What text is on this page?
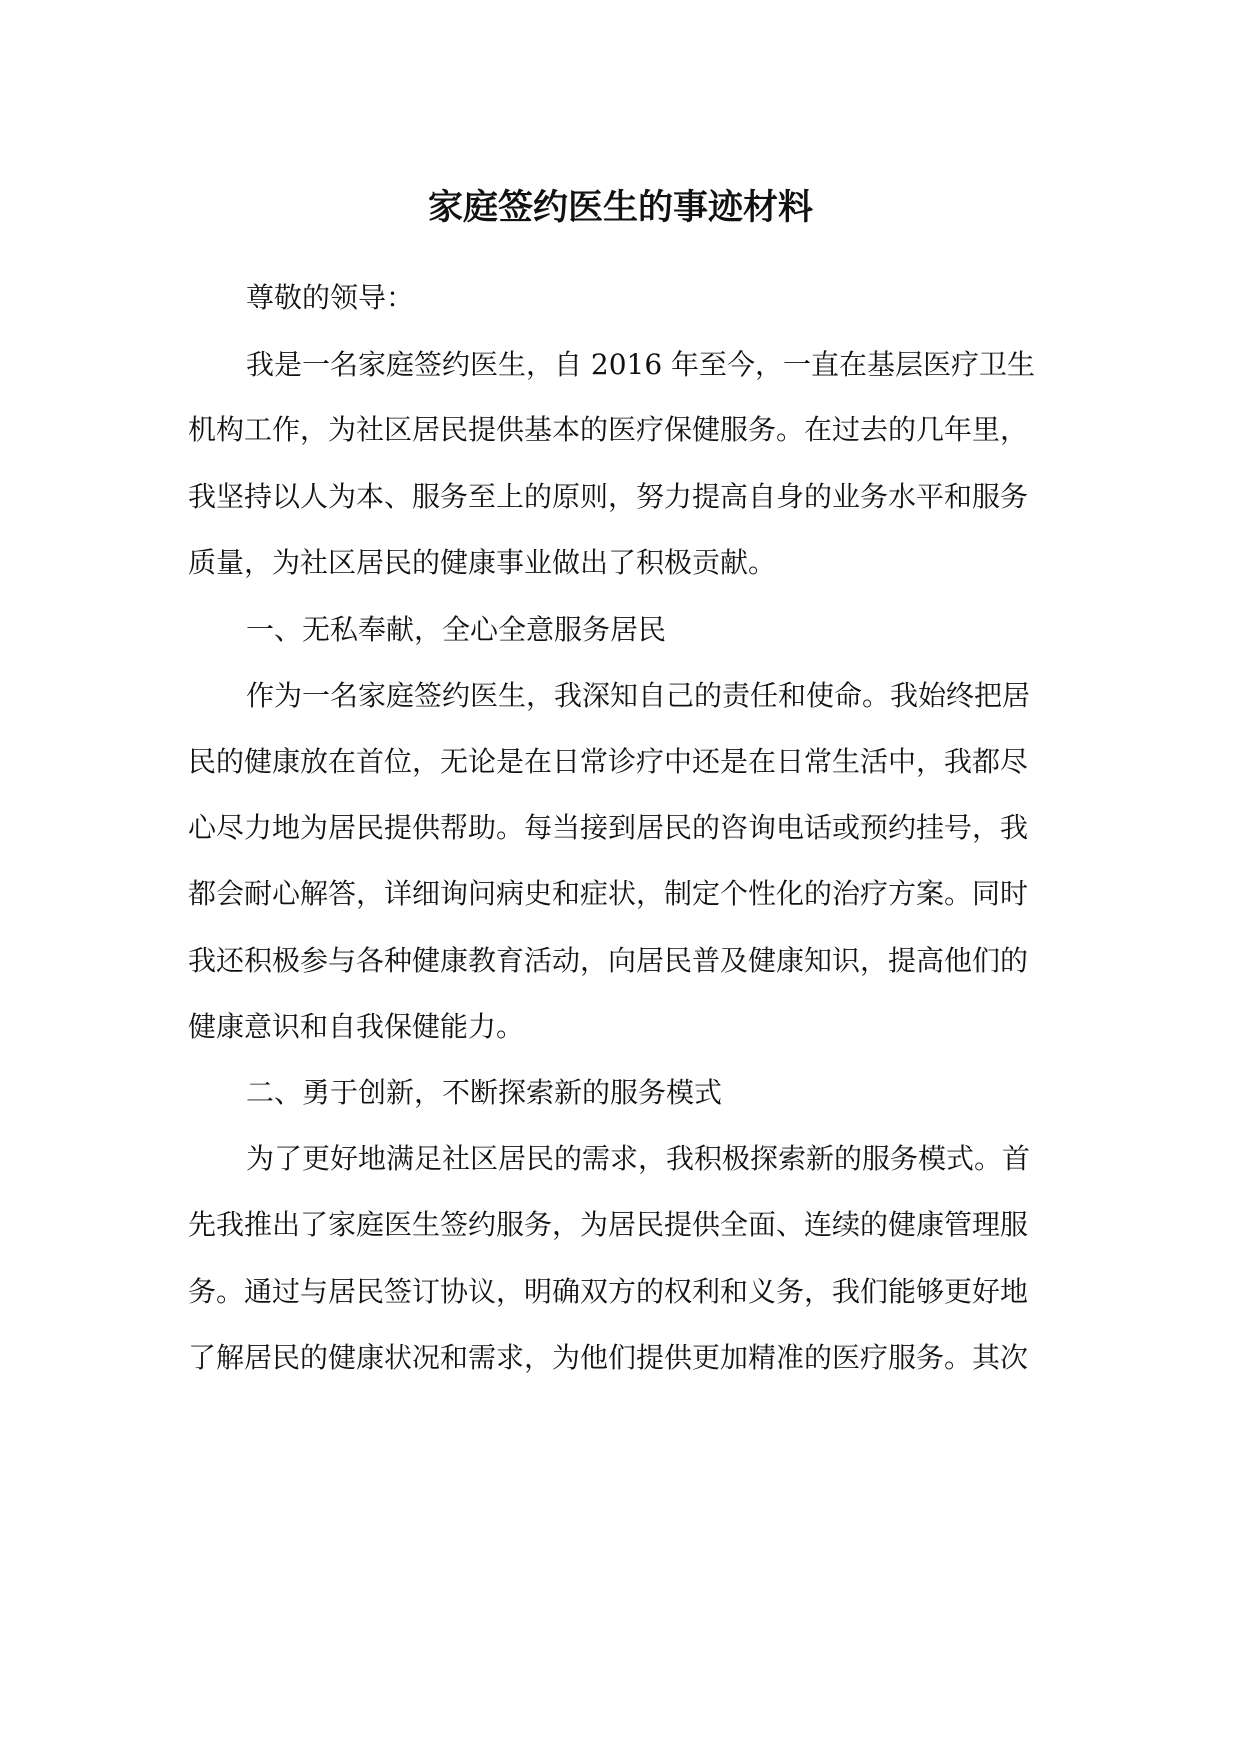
家庭签约医生的事迹材料
尊敬的领导：
我是一名家庭签约医生，自 2016 年至今，一直在基层医疗卫生
机构工作，为社区居民提供基本的医疗保健服务。在过去的几年里，
我坚持以人为本、服务至上的原则，努力提高自身的业务水平和服务
质量，为社区居民的健康事业做出了积极贡献。
一、无私奉献，全心全意服务居民
作为一名家庭签约医生，我深知自己的责任和使命。我始终把居
民的健康放在首位，无论是在日常诊疗中还是在日常生活中，我都尽
心尽力地为居民提供帮助。每当接到居民的咨询电话或预约挂号，我
都会耐心解答，详细询问病史和症状，制定个性化的治疗方案。同时
我还积极参与各种健康教育活动，向居民普及健康知识，提高他们的
健康意识和自我保健能力。
二、勇于创新，不断探索新的服务模式
为了更好地满足社区居民的需求，我积极探索新的服务模式。首
先我推出了家庭医生签约服务，为居民提供全面、连续的健康管理服
务。通过与居民签订协议，明确双方的权利和义务，我们能够更好地
了解居民的健康状况和需求，为他们提供更加精准的医疗服务。其次
